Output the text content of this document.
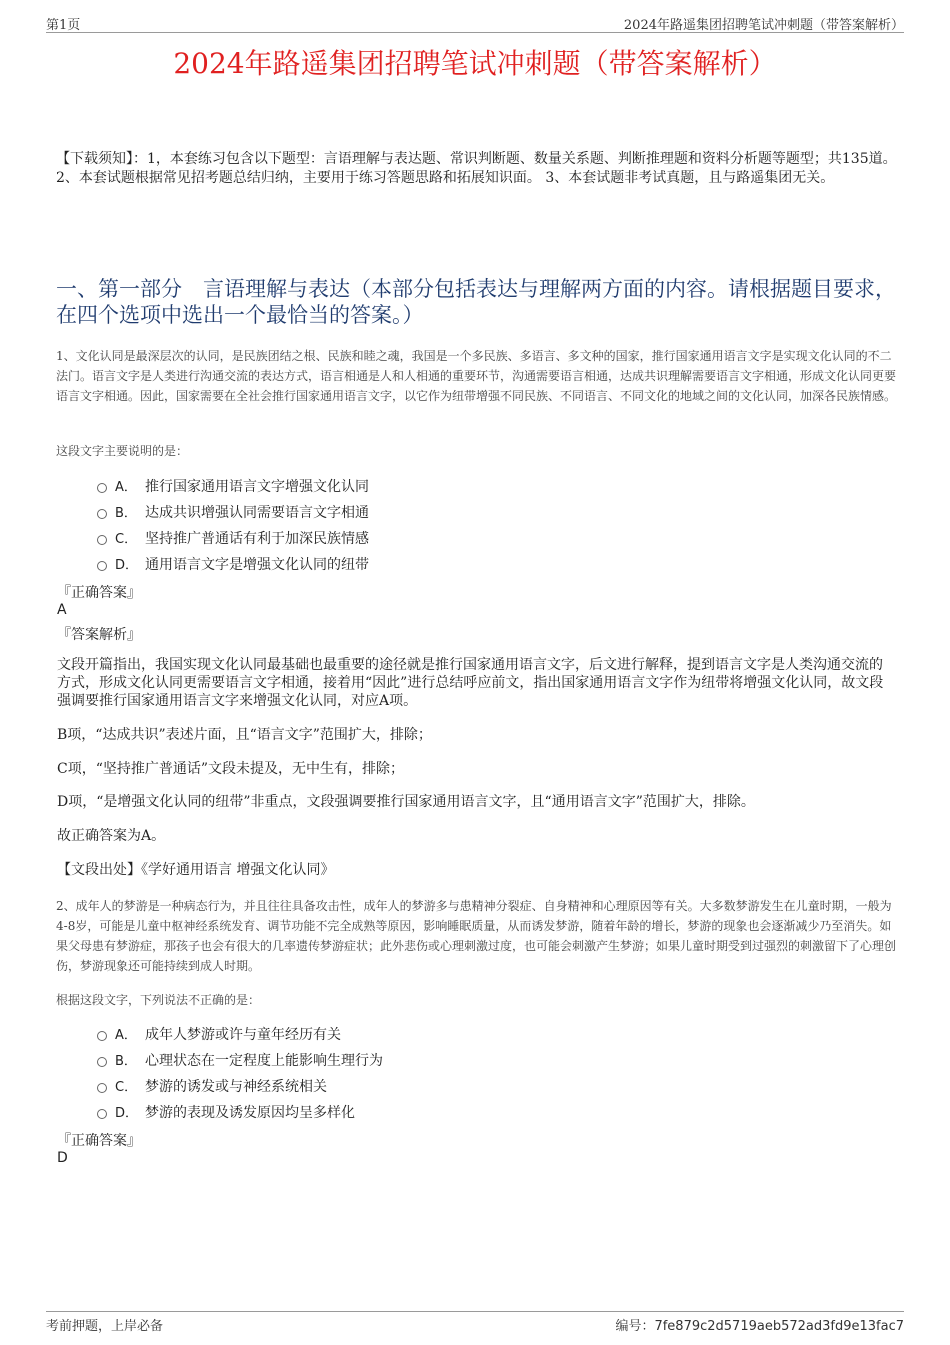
第1页	2024年路遥集团招聘笔试冲刺题（带答案解析）
2024年路遥集团招聘笔试冲刺题（带答案解析）
【下载须知】：1，本套练习包含以下题型：言语理解与表达题、常识判断题、数量关系题、判断推理题和资料分析题等题型；共135道。 2、本套试题根据常见招考题总结归纳，主要用于练习答题思路和拓展知识面。 3、本套试题非考试真题，且与路遥集团无关。
一、第一部分　言语理解与表达（本部分包括表达与理解两方面的内容。请根据题目要求，在四个选项中选出一个最恰当的答案。）
1、文化认同是最深层次的认同，是民族团结之根、民族和睦之魂，我国是一个多民族、多语言、多文种的国家，推行国家通用语言文字是实现文化认同的不二法门。语言文字是人类进行沟通交流的表达方式，语言相通是人和人相通的重要环节，沟通需要语言相通，达成共识理解需要语言文字相通，形成文化认同更要语言文字相通。因此，国家需要在全社会推行国家通用语言文字，以它作为纽带增强不同民族、不同语言、不同文化的地域之间的文化认同，加深各民族情感。
这段文字主要说明的是：
A． 推行国家通用语言文字增强文化认同
B． 达成共识增强认同需要语言文字相通
C． 坚持推广普通话有利于加深民族情感
D． 通用语言文字是增强文化认同的纽带
『正确答案』
A
『答案解析』
文段开篇指出，我国实现文化认同最基础也最重要的途径就是推行国家通用语言文字，后文进行解释，提到语言文字是人类沟通交流的方式，形成文化认同更需要语言文字相通，接着用“因此”进行总结呼应前文，指出国家通用语言文字作为纽带将增强文化认同，故文段强调要推行国家通用语言文字来增强文化认同，对应A项。
B项，“达成共识”表述片面，且“语言文字”范围扩大，排除；
C项，“坚持推广普通话”文段未提及，无中生有，排除；
D项，“是增强文化认同的纽带”非重点，文段强调要推行国家通用语言文字，且“通用语言文字”范围扩大，排除。
故正确答案为A。
【文段出处】《学好通用语言 增强文化认同》
2、成年人的梦游是一种病态行为，并且往往具备攻击性，成年人的梦游多与患精神分裂症、自身精神和心理原因等有关。大多数梦游发生在儿童时期，一般为4-8岁，可能是儿童中枢神经系统发育、调节功能不完全成熟等原因，影响睡眠质量，从而诱发梦游，随着年龄的增长，梦游的现象也会逐渐减少乃至消失。如果父母患有梦游症，那孩子也会有很大的几率遗传梦游症状；此外悲伤或心理刺激过度，也可能会刺激产生梦游；如果儿童时期受到过强烈的刺激留下了心理创伤，梦游现象还可能持续到成人时期。
根据这段文字，下列说法不正确的是：
A． 成年人梦游或许与童年经历有关
B． 心理状态在一定程度上能影响生理行为
C． 梦游的诱发或与神经系统相关
D． 梦游的表现及诱发原因均呈多样化
『正确答案』
D
考前押题，上岸必备	编号：7fe879c2d5719aeb572ad3fd9e13fac7
